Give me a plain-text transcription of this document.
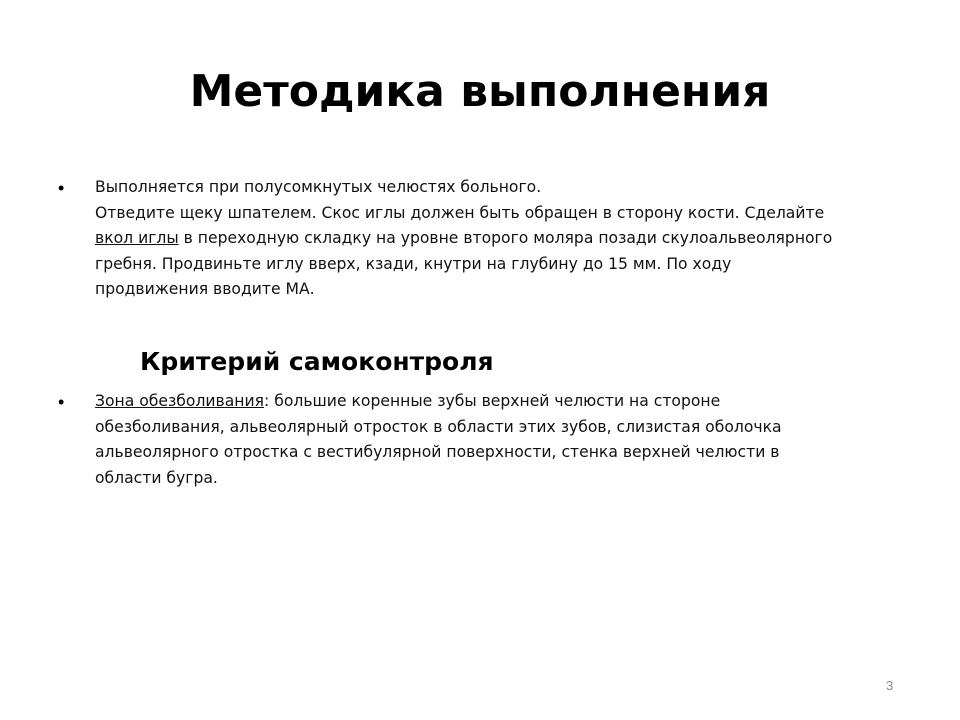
Методика выполнения
• Выполняется при полусомкнутых челюстях больного.

Отведите щеку шпателем. Скос иглы должен быть обращен в сторону кости. Сделайте

вкол иглы в переходную складку на уровне второго моляра позади скулоальвеолярного

гребня. Продвиньте иглу вверх, кзади, кнутри на глубину до 15 мм. По ходу

продвижения вводите МА.

Критерий самоконтроля
• Зона обезболивания: большие коренные зубы верхней челюсти на стороне

обезболивания, альвеолярный отросток в области этих зубов, слизистая оболочка

альвеолярного отростка с вестибулярной поверхности, стенка верхней челюсти в

области бугра.

3
